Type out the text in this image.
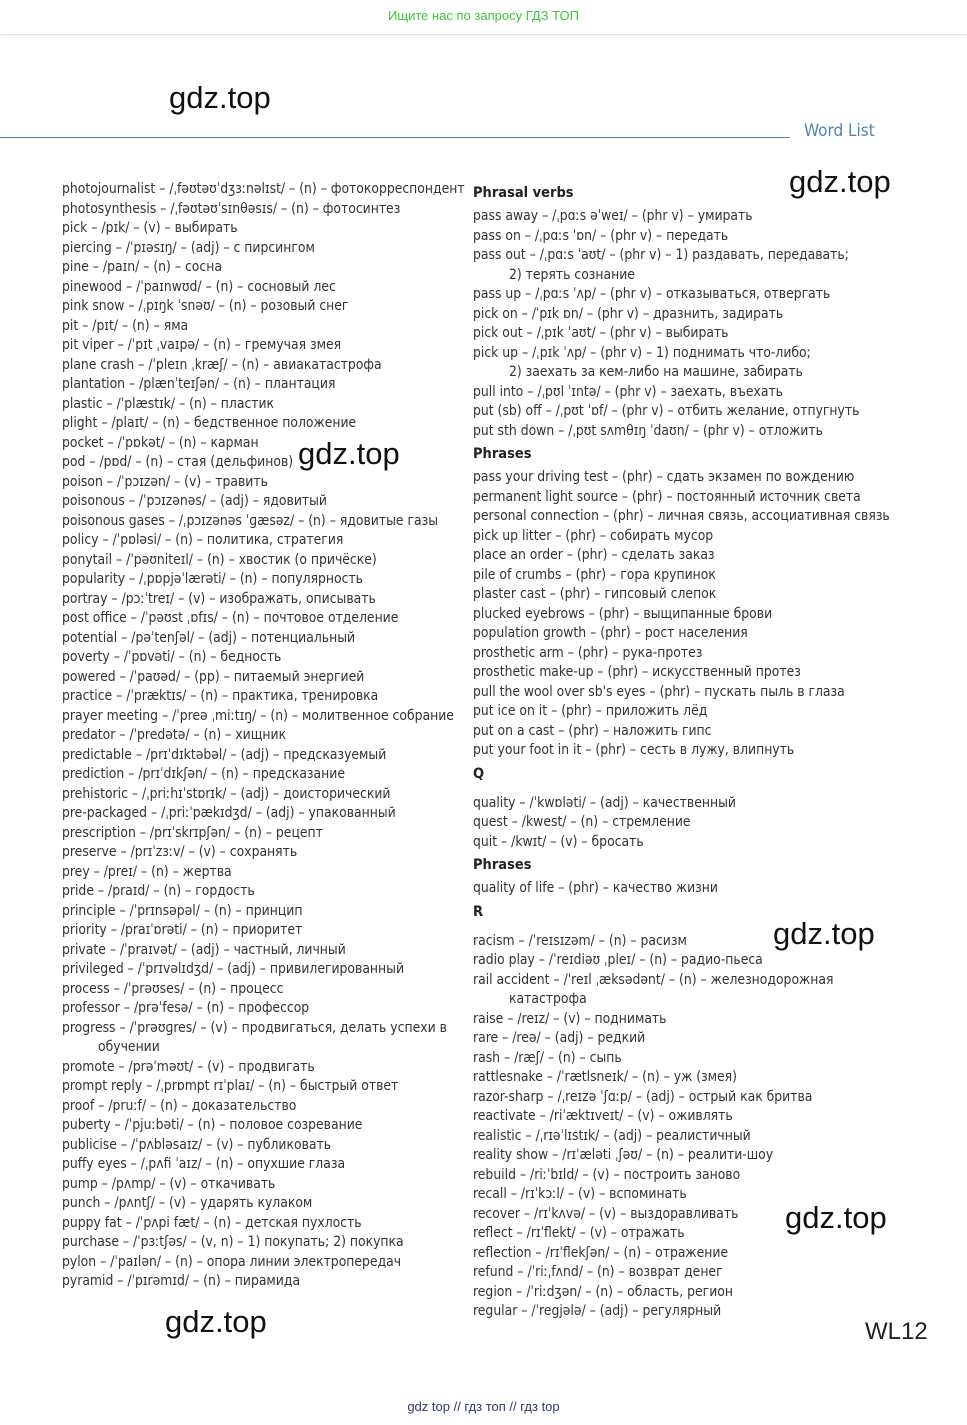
Ищите нас по запросу ГДЗ ТОП
gdz.top
gdz.top
gdz.top
gdz.top
gdz.top
gdz.top
Word List
photojournalist – /ˌfəʊtəʊˈdʒɜːnəlɪst/ – (n) – фотокорреспондент
photosynthesis – /ˌfəʊtəʊˈsɪnθəsɪs/ – (n) – фотосинтез
pick – /pɪk/ – (v) – выбирать
piercing – /ˈpɪəsɪŋ/ – (adj) – с пирсингом
pine – /paɪn/ – (n) – сосна
pinewood – /ˈpaɪnwʊd/ – (n) – сосновый лес
pink snow – /ˌpɪŋk ˈsnəʊ/ – (n) – розовый снег
pit – /pɪt/ – (n) – яма
pit viper – /ˈpɪt ˌvaɪpə/ – (n) – гремучая змея
plane crash – /ˈpleɪn ˌkræʃ/ – (n) – авиакатастрофа
plantation – /plænˈteɪʃən/ – (n) – плантация
plastic – /ˈplæstɪk/ – (n) – пластик
plight – /plaɪt/ – (n) – бедственное положение
pocket – /ˈpɒkət/ – (n) – карман
pod – /pɒd/ – (n) – стая (дельфинов)
poison – /ˈpɔɪzən/ – (v) – травить
poisonous – /ˈpɔɪzənəs/ – (adj) – ядовитый
poisonous gases – /ˌpɔɪzənəs ˈɡæsəz/ – (n) – ядовитые газы
policy – /ˈpɒləsi/ – (n) – политика, стратегия
ponytail – /ˈpəʊniteɪl/ – (n) – хвостик (о причёске)
popularity – /ˌpɒpjəˈlærəti/ – (n) – популярность
portray – /pɔːˈtreɪ/ – (v) – изображать, описывать
post office – /ˈpəʊst ˌɒfɪs/ – (n) – почтовое отделение
potential – /pəˈtenʃəl/ – (adj) – потенциальный
poverty – /ˈpɒvəti/ – (n) – бедность
powered – /ˈpaʊəd/ – (pp) – питаемый энергией
practice – /ˈpræktɪs/ – (n) – практика, тренировка
prayer meeting – /ˈpreə ˌmiːtɪŋ/ – (n) – молитвенное собрание
predator – /ˈpredətə/ – (n) – хищник
predictable – /prɪˈdɪktəbəl/ – (adj) – предсказуемый
prediction – /prɪˈdɪkʃən/ – (n) – предсказание
prehistoric – /ˌpriːhɪˈstɒrɪk/ – (adj) – доисторический
pre-packaged – /ˌpriːˈpækɪdʒd/ – (adj) – упакованный
prescription – /prɪˈskrɪpʃən/ – (n) – рецепт
preserve – /prɪˈzɜːv/ – (v) – сохранять
prey – /preɪ/ – (n) – жертва
pride – /praɪd/ – (n) – гордость
principle – /ˈprɪnsəpəl/ – (n) – принцип
priority – /praɪˈɒrəti/ – (n) – приоритет
private – /ˈpraɪvət/ – (adj) – частный, личный
privileged – /ˈprɪvəlɪdʒd/ – (adj) – привилегированный
process – /ˈprəʊses/ – (n) – процесс
professor – /prəˈfesə/ – (n) – профессор
progress – /ˈprəʊɡres/ – (v) – продвигаться, делать успехи в
обучении
promote – /prəˈməʊt/ – (v) – продвигать
prompt reply – /ˌprɒmpt rɪˈplaɪ/ – (n) – быстрый ответ
proof – /pruːf/ – (n) – доказательство
puberty – /ˈpjuːbəti/ – (n) – половое созревание
publicise – /ˈpʌbləsaɪz/ – (v) – публиковать
puffy eyes – /ˌpʌfi ˈaɪz/ – (n) – опухшие глаза
pump – /pʌmp/ – (v) – откачивать
punch – /pʌntʃ/ – (v) – ударять кулаком
puppy fat – /ˈpʌpi fæt/ – (n) – детская пухлость
purchase – /ˈpɜːtʃəs/ – (v, n) – 1) покупать; 2) покупка
pylon – /ˈpaɪlən/ – (n) – опора линии электропередач
pyramid – /ˈpɪrəmɪd/ – (n) – пирамида
Phrasal verbs
pass away – /ˌpɑːs əˈweɪ/ – (phr v) – умирать
pass on – /ˌpɑːs ˈɒn/ – (phr v) – передать
pass out – /ˌpɑːs ˈaʊt/ – (phr v) – 1) раздавать, передавать;
2) терять сознание
pass up – /ˌpɑːs ˈʌp/ – (phr v) – отказываться, отвергать
pick on – /ˈpɪk ɒn/ – (phr v) – дразнить, задирать
pick out – /ˌpɪk ˈaʊt/ – (phr v) – выбирать
pick up – /ˌpɪk ˈʌp/ – (phr v) – 1) поднимать что-либо;
2) заехать за кем-либо на машине, забирать
pull into – /ˌpʊl ˈɪntə/ – (phr v) – заехать, въехать
put (sb) off – /ˌpʊt ˈɒf/ – (phr v) – отбить желание, отпугнуть
put sth down – /ˌpʊt sʌmθɪŋ ˈdaʊn/ – (phr v) – отложить
Phrases
pass your driving test – (phr) – сдать экзамен по вождению
permanent light source – (phr) – постоянный источник света
personal connection – (phr) – личная связь, ассоциативная связь
pick up litter – (phr) – собирать мусор
place an order – (phr) – сделать заказ
pile of crumbs – (phr) – гора крупинок
plaster cast – (phr) – гипсовый слепок
plucked eyebrows – (phr) – выщипанные брови
population growth – (phr) – рост населения
prosthetic arm – (phr) – рука-протез
prosthetic make-up – (phr) – искусственный протез
pull the wool over sb's eyes – (phr) – пускать пыль в глаза
put ice on it – (phr) – приложить лёд
put on a cast – (phr) – наложить гипс
put your foot in it – (phr) – сесть в лужу, влипнуть
Q
quality – /ˈkwɒləti/ – (adj) – качественный
quest – /kwest/ – (n) – стремление
quit – /kwɪt/ – (v) – бросать
Phrases
quality of life – (phr) – качество жизни
R
racism – /ˈreɪsɪzəm/ – (n) – расизм
radio play – /ˈreɪdiəʊ ˌpleɪ/ – (n) – радио-пьеса
rail accident – /ˈreɪl ˌæksədənt/ – (n) – железнодорожная
катастрофа
raise – /reɪz/ – (v) – поднимать
rare – /reə/ – (adj) – редкий
rash – /ræʃ/ – (n) – сыпь
rattlesnake – /ˈrætlsneɪk/ – (n) – уж (змея)
razor-sharp – /ˌreɪzə ˈʃɑːp/ – (adj) – острый как бритва
reactivate – /riˈæktɪveɪt/ – (v) – оживлять
realistic – /ˌrɪəˈlɪstɪk/ – (adj) – реалистичный
reality show – /rɪˈæləti ˌʃəʊ/ – (n) – реалити-шоу
rebuild – /riːˈbɪld/ – (v) – построить заново
recall – /rɪˈkɔːl/ – (v) – вспоминать
recover – /rɪˈkʌvə/ – (v) – выздоравливать
reflect – /rɪˈflekt/ – (v) – отражать
reflection – /rɪˈflekʃən/ – (n) – отражение
refund – /ˈriːˌfʌnd/ – (n) – возврат денег
region – /ˈriːdʒən/ – (n) – область, регион
regular – /ˈregjələ/ – (adj) – регулярный
WL12
gdz top // гдз топ // гдз top
